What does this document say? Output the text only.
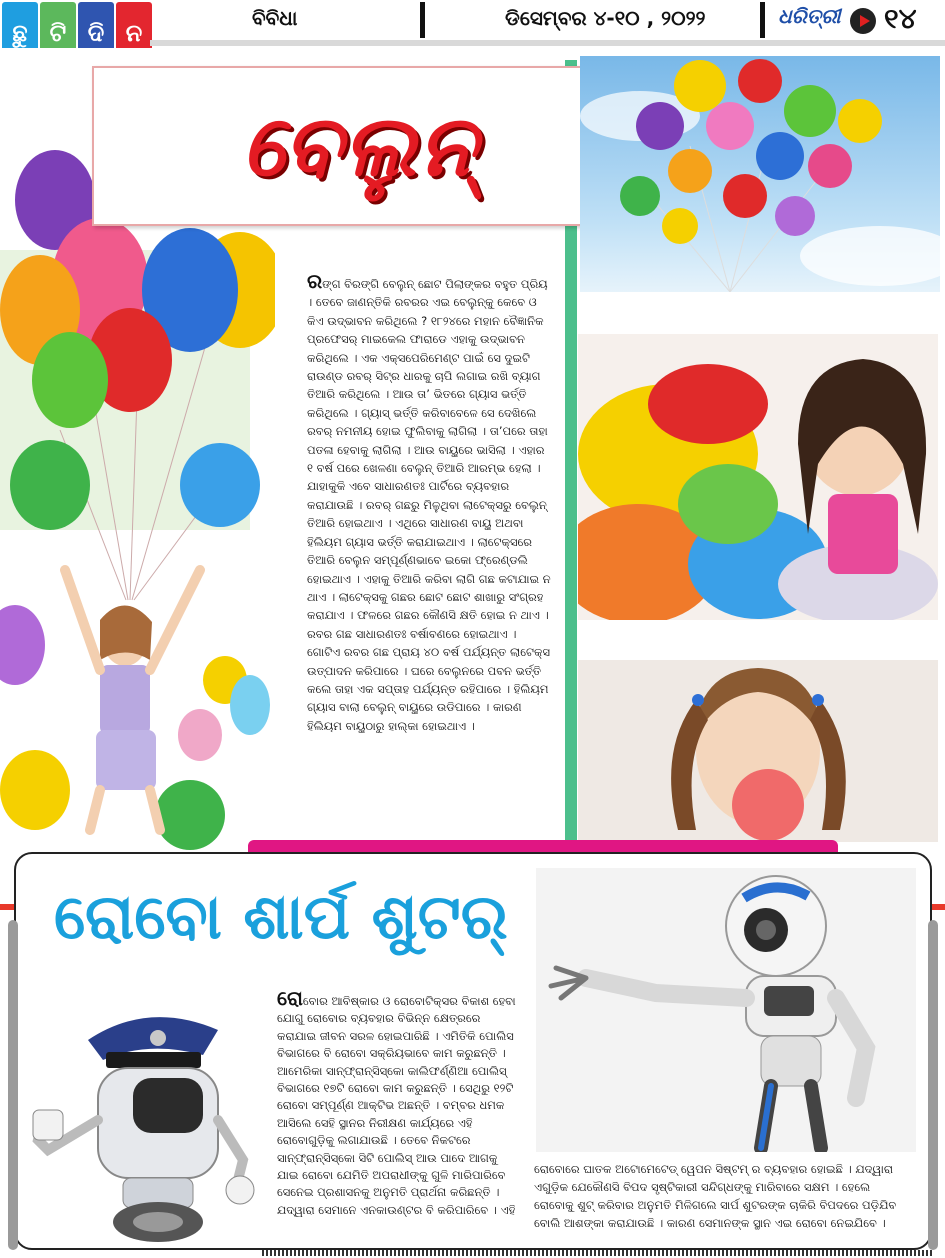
ଛୁ ଟି ଦି ନ
ବିବିଧା	ଡିସେମ୍ବର ୪-୧୦ , ୨୦୨୨	ଧରିତ୍ରୀ ୧୪
ବେଲୁନ୍

ରଙ୍ଗ ବିରଙ୍ଗି ବେଲୁନ୍ ଛୋଟ ପିଲାଙ୍କର ବହୁତ ପ୍ରିୟ । ତେବେ ଜାଣନ୍ତିକି ରବରର ଏଇ ବେଲୁନ୍କୁ କେବେ ଓ କିଏ ଉଦ୍ଭାବନ କରିଥିଲେ ? ୧୮୨୪ରେ ମହାନ ବୈଜ୍ଞାନିକ ପ୍ରଫେସର୍ ମାଇକେଲ ଫାରାଡେ ଏହାକୁ ଉଦ୍ଭାବନ କରିଥିଲେ । ଏକ ଏକ୍ସପେରିମେଣ୍ଟ ପାଇଁ ସେ ଦୁଇଟି ରାଉଣ୍ଡ ରବର୍ ସିଟ୍ର ଧାରକୁ ଚାପି ଲଗାଇ ରଖି ବ୍ୟାଗ ତିଆରି କରିଥିଲେ । ଆଉ ତା’ ଭିତରେ ଗ୍ୟାସ ଭର୍ତ୍ତି କରିଥିଲେ । ଗ୍ୟାସ୍ ଭର୍ତ୍ତି କରିବାବେଳେ ସେ ଦେଖିଲେ ରବର୍ ନମନୀୟ ହୋଇ ଫୁଲିବାକୁ ଲାଗିଲା । ତା’ପରେ ତାହା ପତଳା ହେବାକୁ ଲାଗିଲା । ଆଉ ବାୟୁରେ ଭାସିଲା । ଏହାର ୧ ବର୍ଷ ପରେ ଖେଳଣା ବେଲୁନ୍ ତିଆରି ଆରମ୍ଭ ହେଲା । ଯାହାକୁକି ଏବେ ସାଧାରଣତଃ ପାର୍ଟିରେ ବ୍ୟବହାର କରାଯାଉଛି । ରବର୍ ଗଛରୁ ମିଳୁଥିବା ଲାଟେକ୍ସରୁ ବେଲୁନ୍ ତିଆରି ହୋଇଥାଏ । ଏଥିରେ ସାଧାରଣ ବାୟୁ ଅଥବା ହିଲିୟମ ଗ୍ୟାସ ଭର୍ତ୍ତି କରାଯାଇଥାଏ । ଲାଟେକ୍ସରେ ତିଆରି ବେଲୁନ ସମ୍ପୂର୍ଣ୍ଣଭାବେ ଇକୋ ଫ୍ରେଣ୍ଡଲି ହୋଇଥାଏ । ଏହାକୁ ତିଆରି କରିବା ଲାଗି ଗଛ କଟାଯାଇ ନ ଥାଏ । ଲାଟେକ୍ସକୁ ଗଛର ଛୋଟ ଛୋଟ ଶାଖାରୁ ସଂଗ୍ରହ କରାଯାଏ । ଫଳରେ ଗଛର କୌଣସି କ୍ଷତି ହୋଇ ନ ଥାଏ । ରବର ଗଛ ସାଧାରଣତଃ ବର୍ଷାବଣରେ ହୋଇଥାଏ । ଗୋଟିଏ ରବର ଗଛ ପ୍ରାୟ ୪୦ ବର୍ଷ ପର୍ଯ୍ୟନ୍ତ ଲାଟେକ୍ସ ଉତ୍ପାଦନ କରିପାରେ । ଘରେ ବେଲୁନରେ ପବନ ଭର୍ତ୍ତି କଲେ ତାହା ଏକ ସପ୍ତାହ ପର୍ଯ୍ୟନ୍ତ ରହିପାରେ । ହିଲିୟମ ଗ୍ୟାସ ବାଲା ବେଲୁନ୍ ବାୟୁରେ ଉଡିପାରେ । କାରଣ ହିଲିୟମ ବାୟୁଠାରୁ ହାଲ୍କା ହୋଇଥାଏ ।

ରୋବୋ ଶାର୍ପ ଶୁଟର୍

ରୋବୋର ଆବିଷ୍କାର ଓ ରୋବୋଟିକ୍ସର ବିକାଶ ହେବା ଯୋଗୁ ରୋବୋର ବ୍ୟବହାର ବିଭିନ୍ନ କ୍ଷେତ୍ରରେ କରାଯାଇ ଜୀବନ ସରଳ ହୋଇପାରିଛି । ଏମିତିକି ପୋଲିସ ବିଭାଗରେ ବି ରୋବୋ ସକ୍ରିୟଭାବେ କାମ କରୁଛନ୍ତି । ଆମେରିକା ସାନ୍‌ଫ୍ରାନ୍ସିସ୍କୋ କାଲିଫର୍ଣ୍ଣିଆ ପୋଲିସ୍ ବିଭାଗରେ ୧୭ଟି ରୋବୋ କାମ କରୁଛନ୍ତି । ସେଥିରୁ ୧୨ଟି ରୋବୋ ସମ୍ପୂର୍ଣ୍ଣ ଆକ୍ଟିଭ ଅଛନ୍ତି । ବମ୍ବର ଧମକ ଆସିଲେ ସେହି ସ୍ଥାନର ନିରୀକ୍ଷଣ କାର୍ଯ୍ୟରେ ଏହି ରୋବୋଗୁଡ଼ିକୁ ଲଗାଯାଉଛି । ତେବେ ନିକଟରେ ସାନ୍‌ଫ୍ରାନ୍ସିସ୍କୋ ସିଟି ପୋଲିସ୍ ଆଉ ପାଦେ ଆଗକୁ ଯାଇ ରୋବୋ ଯେମିତି ଅପରାଧୀଙ୍କୁ ଗୁଳି ମାରିପାରିବେ ସେନେଇ ପ୍ରଶାସନକୁ ଅନୁମତି ପ୍ରାର୍ଥନା କରିଛନ୍ତି । ଯଦ୍ୱାରା ସେମାନେ ଏନକାଉଣ୍ଟର ବି କରିପାରିବେ । ଏହି

ରୋବୋରେ ଘାତକ ଅଟୋମେଟେଡ୍ ୱେପନ ସିଷ୍ଟମ୍ ର ବ୍ୟବହାର ହୋଇଛି । ଯଦ୍ୱାରା ଏଗୁଡ଼ିକ ଯେକୌଣସି ବିପଦ ସୃଷ୍ଟିକାରୀ ସନ୍ଦିଗ୍ଧଙ୍କୁ ମାରିବାରେ ସକ୍ଷମ । ହେଲେ ରୋବୋକୁ ଶୁଟ୍ କରିବାର ଅନୁମତି ମିଳିଗଲେ ସାର୍ପ ଶୁଟରଙ୍କ ଚାକିରି ବିପଦରେ ପଡ଼ିଯିବ ବୋଲି ଆଶଙ୍କା କରାଯାଉଛି । କାରଣ ସେମାନଙ୍କ ସ୍ଥାନ ଏଇ ରୋବୋ ନେଇଯିବେ ।
